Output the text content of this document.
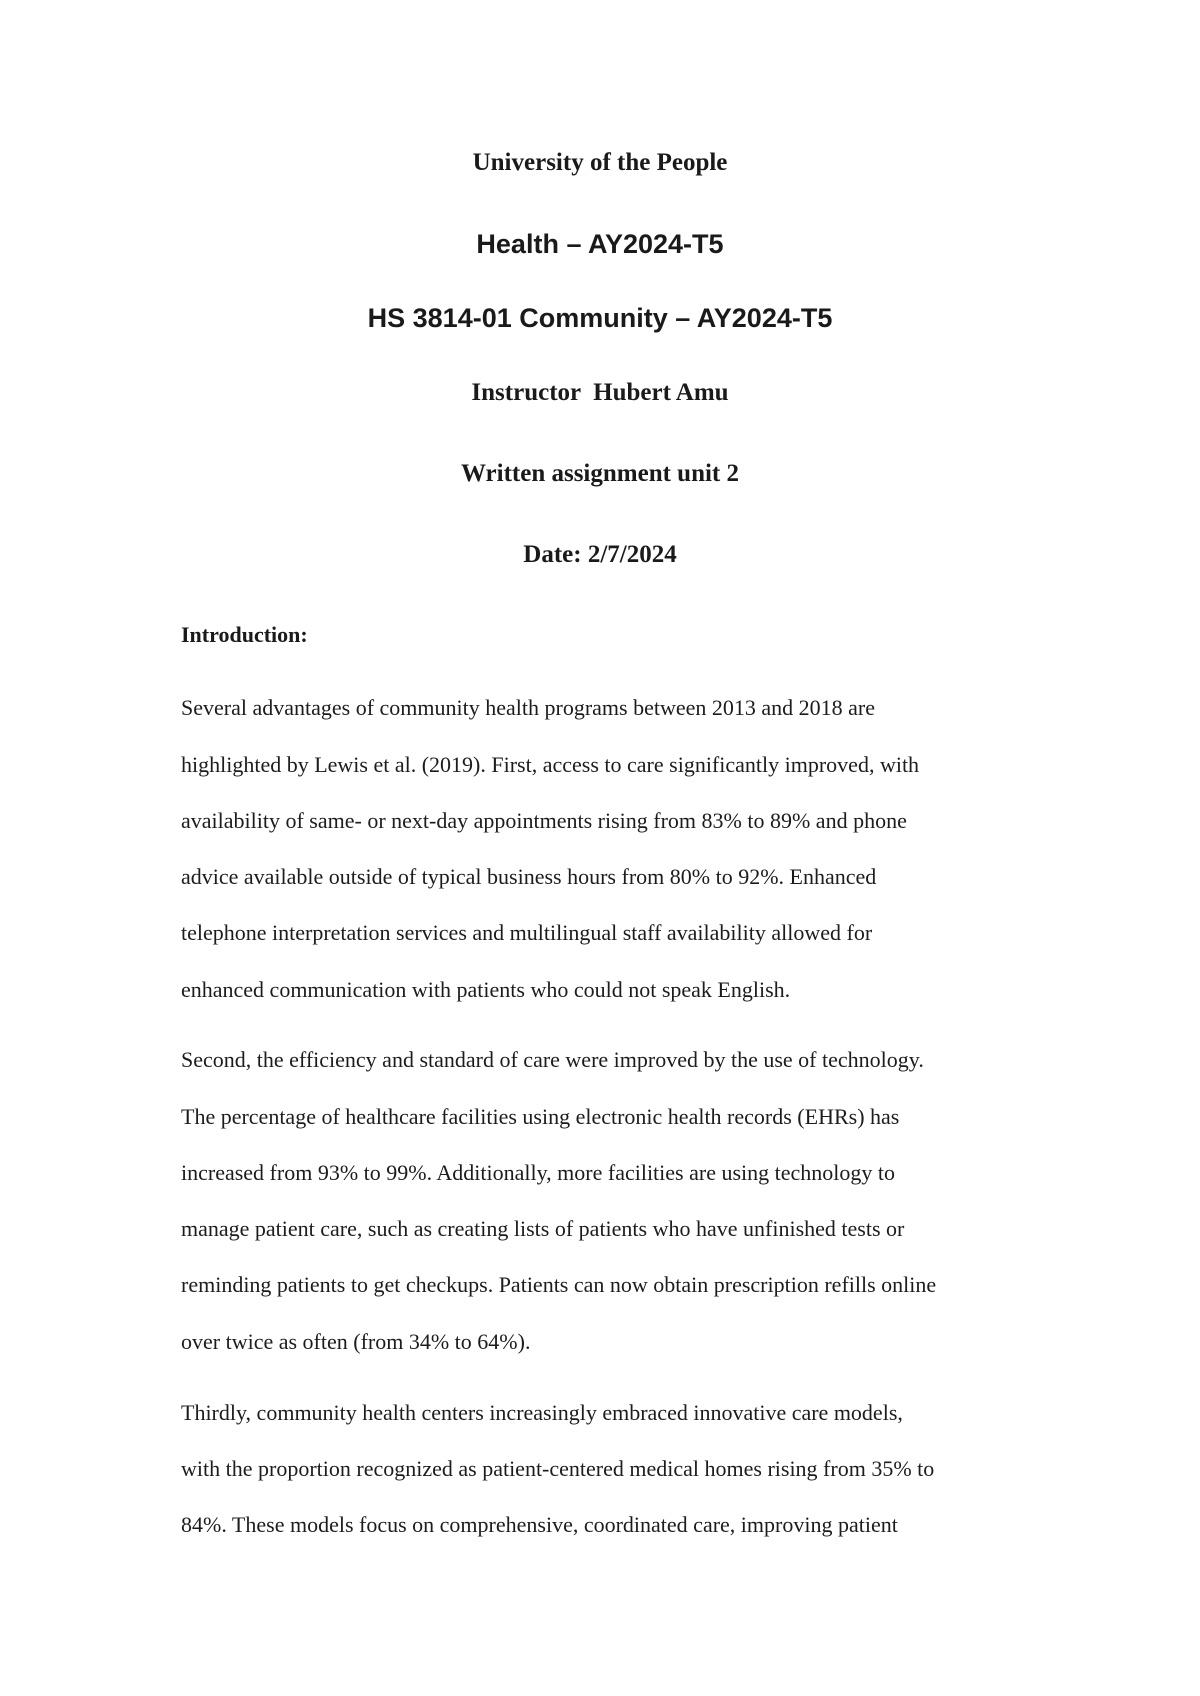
University of the People

Health – AY2024-T5

HS 3814-01 Community – AY2024-T5

Instructor  Hubert Amu

Written assignment unit 2

Date: 2/7/2024

Introduction:

Several advantages of community health programs between 2013 and 2018 are

highlighted by Lewis et al. (2019). First, access to care significantly improved, with

availability of same- or next-day appointments rising from 83% to 89% and phone

advice available outside of typical business hours from 80% to 92%. Enhanced

telephone interpretation services and multilingual staff availability allowed for

enhanced communication with patients who could not speak English.

Second, the efficiency and standard of care were improved by the use of technology.

The percentage of healthcare facilities using electronic health records (EHRs) has

increased from 93% to 99%. Additionally, more facilities are using technology to

manage patient care, such as creating lists of patients who have unfinished tests or

reminding patients to get checkups. Patients can now obtain prescription refills online

over twice as often (from 34% to 64%).

Thirdly, community health centers increasingly embraced innovative care models,

with the proportion recognized as patient-centered medical homes rising from 35% to

84%. These models focus on comprehensive, coordinated care, improving patient
